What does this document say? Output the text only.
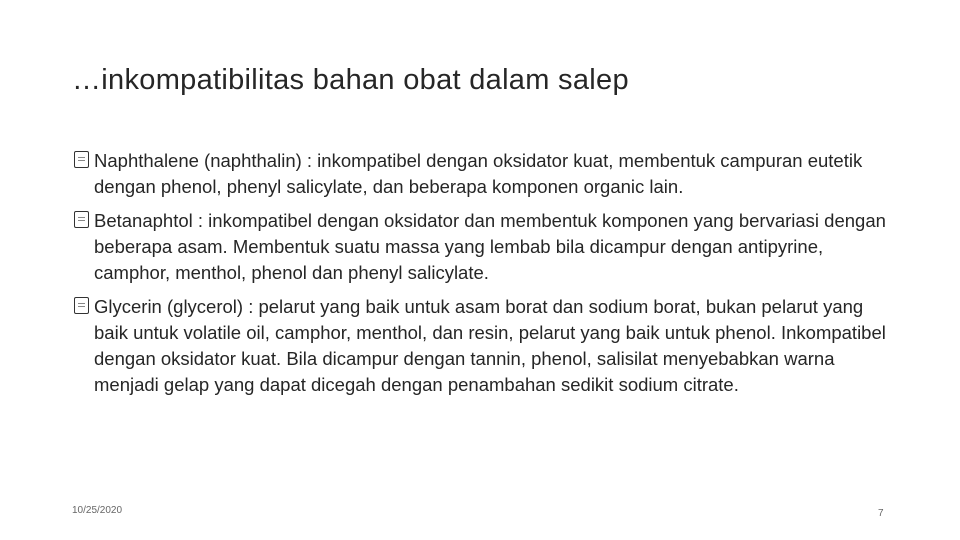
…inkompatibilitas bahan obat dalam salep
Naphthalene (naphthalin) : inkompatibel dengan oksidator kuat, membentuk campuran eutetik dengan phenol, phenyl salicylate, dan beberapa komponen organic lain.
Betanaphtol : inkompatibel dengan oksidator dan membentuk komponen yang bervariasi dengan beberapa asam. Membentuk suatu massa yang lembab bila dicampur dengan antipyrine, camphor, menthol, phenol dan phenyl salicylate.
Glycerin (glycerol) : pelarut yang baik untuk asam borat dan sodium borat, bukan pelarut yang baik untuk volatile oil, camphor, menthol, dan resin, pelarut yang baik untuk phenol. Inkompatibel dengan oksidator kuat. Bila dicampur dengan tannin, phenol, salisilat menyebabkan warna menjadi gelap yang dapat dicegah dengan penambahan sedikit sodium citrate.
10/25/2020	7
